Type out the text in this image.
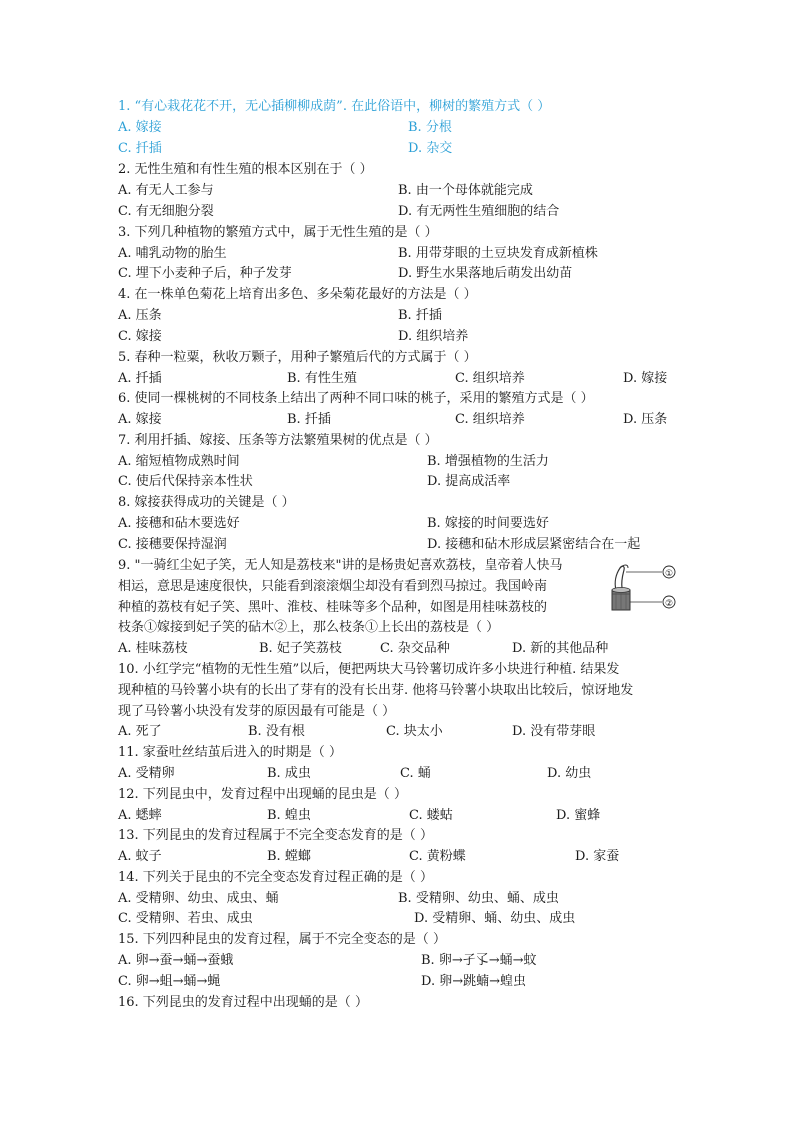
1. “有心栽花花不开，无心插柳柳成荫”. 在此俗语中，柳树的繁殖方式（ ）
A. 嫁接	B. 分根
C. 扦插	D. 杂交
2. 无性生殖和有性生殖的根本区别在于（ ）
A. 有无人工参与	B. 由一个母体就能完成
C. 有无细胞分裂	D. 有无两性生殖细胞的结合
3. 下列几种植物的繁殖方式中，属于无性生殖的是（ ）
A. 哺乳动物的胎生	B. 用带芽眼的土豆块发育成新植株
C. 埋下小麦种子后，种子发芽	D. 野生水果落地后萌发出幼苗
4. 在一株单色菊花上培育出多色、多朵菊花最好的方法是（ ）
A. 压条	B. 扦插
C. 嫁接	D. 组织培养
5. 春种一粒粟，秋收万颗子，用种子繁殖后代的方式属于（ ）
A. 扦插	B. 有性生殖	C. 组织培养	D. 嫁接
6. 使同一棵桃树的不同枝条上结出了两种不同口味的桃子，采用的繁殖方式是（ ）
A. 嫁接	B. 扦插	C. 组织培养	D. 压条
7. 利用扦插、嫁接、压条等方法繁殖果树的优点是（ ）
A. 缩短植物成熟时间	B. 增强植物的生活力
C. 使后代保持亲本性状	D. 提高成活率
8. 嫁接获得成功的关键是（ ）
A. 接穗和砧木要选好	B. 嫁接的时间要选好
C. 接穗要保持湿润	D. 接穗和砧木形成层紧密结合在一起
9. "一骑红尘妃子笑，无人知是荔枝来"讲的是杨贵妃喜欢荔枝，皇帝着人快马
相运，意思是速度很快，只能看到滚滚烟尘却没有看到烈马掠过。我国岭南
种植的荔枝有妃子笑、黑叶、淮枝、桂味等多个品种，如图是用桂味荔枝的
枝条①嫁接到妃子笑的砧木②上，那么枝条①上长出的荔枝是（ ）
A. 桂味荔枝	B. 妃子笑荔枝	C. 杂交品种	D. 新的其他品种
①
②
10. 小红学完“植物的无性生殖”以后，便把两块大马铃薯切成许多小块进行种植. 结果发
现种植的马铃薯小块有的长出了芽有的没有长出芽. 他将马铃薯小块取出比较后，惊讶地发
现了马铃薯小块没有发芽的原因最有可能是（ ）
A. 死了	B. 没有根	C. 块太小	D. 没有带芽眼
11. 家蚕吐丝结茧后进入的时期是（ ）
A. 受精卵	B. 成虫	C. 蛹	D. 幼虫
12. 下列昆虫中，发育过程中出现蛹的昆虫是（ ）
A. 蟋蟀	B. 蝗虫	C. 蝼蛄	D. 蜜蜂
13. 下列昆虫的发育过程属于不完全变态发育的是（ ）
A. 蚊子	B. 螳螂	C. 黄粉蝶	D. 家蚕
14. 下列关于昆虫的不完全变态发育过程正确的是（ ）
A. 受精卵、幼虫、成虫、蛹	B. 受精卵、幼虫、蛹、成虫
C. 受精卵、若虫、成虫	D. 受精卵、蛹、幼虫、成虫
15. 下列四种昆虫的发育过程，属于不完全变态的是（ ）
A. 卵→蚕→蛹→蚕蛾	B. 卵→孑孓→蛹→蚊
C. 卵→蛆→蛹→蝇	D. 卵→跳蝻→蝗虫
16. 下列昆虫的发育过程中出现蛹的是（ ）
